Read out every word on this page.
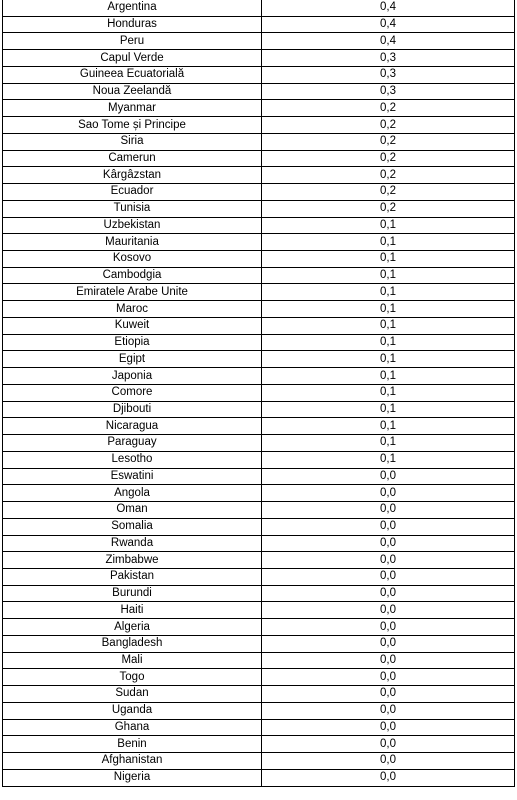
Argentina	0,4
Honduras	0,4
Peru	0,4
Capul Verde	0,3
Guineea Ecuatorială	0,3
Noua Zeelandă	0,3
Myanmar	0,2
Sao Tome și Principe	0,2
Siria	0,2
Camerun	0,2
Kârgâzstan	0,2
Ecuador	0,2
Tunisia	0,2
Uzbekistan	0,1
Mauritania	0,1
Kosovo	0,1
Cambodgia	0,1
Emiratele Arabe Unite	0,1
Maroc	0,1
Kuweit	0,1
Etiopia	0,1
Egipt	0,1
Japonia	0,1
Comore	0,1
Djibouti	0,1
Nicaragua	0,1
Paraguay	0,1
Lesotho	0,1
Eswatini	0,0
Angola	0,0
Oman	0,0
Somalia	0,0
Rwanda	0,0
Zimbabwe	0,0
Pakistan	0,0
Burundi	0,0
Haiti	0,0
Algeria	0,0
Bangladesh	0,0
Mali	0,0
Togo	0,0
Sudan	0,0
Uganda	0,0
Ghana	0,0
Benin	0,0
Afghanistan	0,0
Nigeria	0,0
